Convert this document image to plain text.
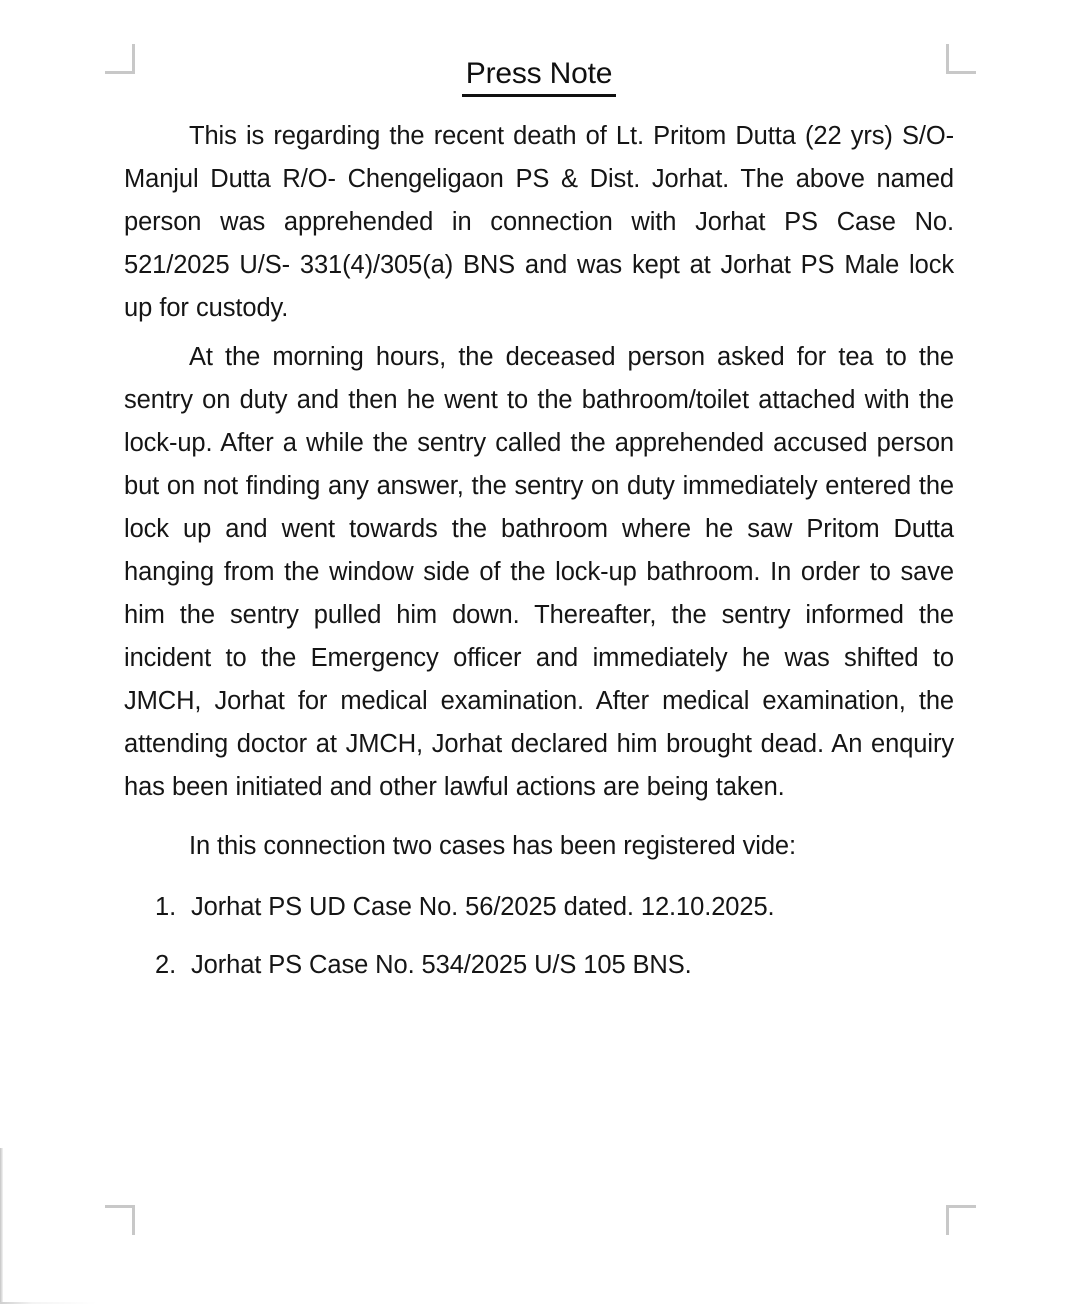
Press Note

This is regarding the recent death of Lt. Pritom Dutta (22 yrs) S/O- Manjul Dutta R/O- Chengeligaon PS & Dist. Jorhat. The above named person was apprehended in connection with Jorhat PS Case No. 521/2025 U/S- 331(4)/305(a) BNS and was kept at Jorhat PS Male lock up for custody.

At the morning hours, the deceased person asked for tea to the sentry on duty and then he went to the bathroom/toilet attached with the lock-up. After a while the sentry called the apprehended accused person but on not finding any answer, the sentry on duty immediately entered the lock up and went towards the bathroom where he saw Pritom Dutta hanging from the window side of the lock-up bathroom. In order to save him the sentry pulled him down. Thereafter, the sentry informed the incident to the Emergency officer and immediately he was shifted to JMCH, Jorhat for medical examination. After medical examination, the attending doctor at JMCH, Jorhat declared him brought dead. An enquiry has been initiated and other lawful actions are being taken.

In this connection two cases has been registered vide:

1. Jorhat PS UD Case No. 56/2025 dated. 12.10.2025.
2. Jorhat PS Case No. 534/2025 U/S 105 BNS.
